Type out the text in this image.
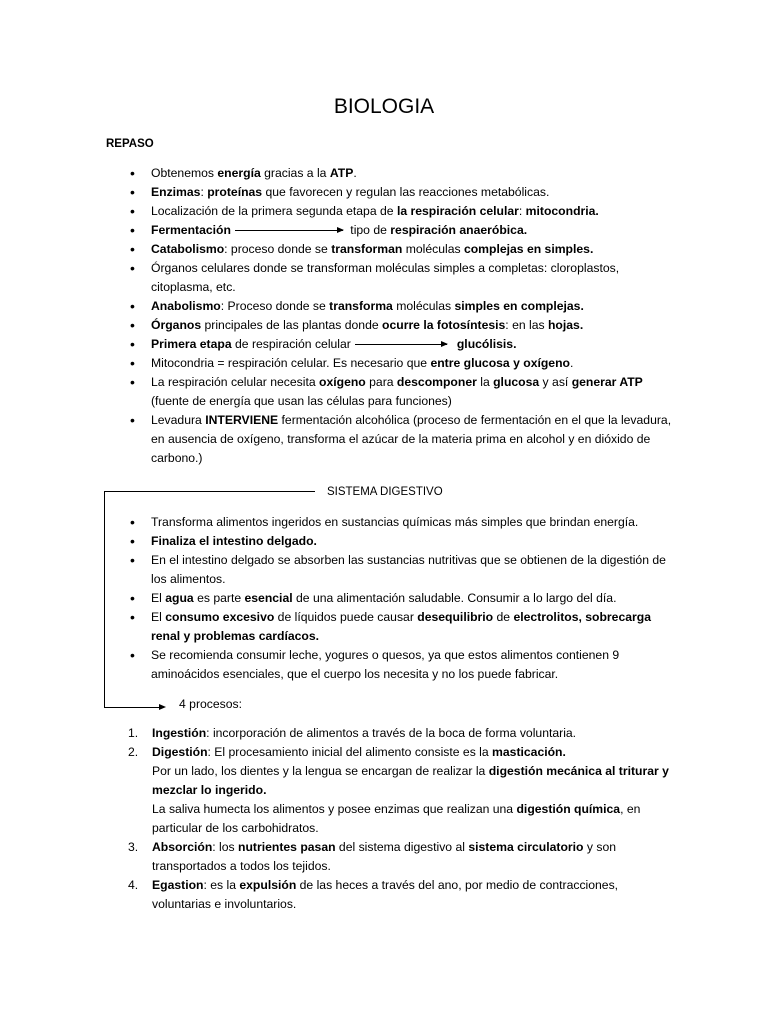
BIOLOGIA
REPASO
• Obtenemos energía gracias a la ATP.
• Enzimas: proteínas que favorecen y regulan las reacciones metabólicas.
• Localización de la primera segunda etapa de la respiración celular: mitocondria.
• Fermentación	tipo de respiración anaeróbica.
• Catabolismo: proceso donde se transforman moléculas complejas en simples.
• Órganos celulares donde se transforman moléculas simples a completas: cloroplastos, citoplasma, etc.
• Anabolismo: Proceso donde se transforma moléculas simples en complejas.
• Órganos principales de las plantas donde ocurre la fotosíntesis: en las hojas.
• Primera etapa de respiración celular	glucólisis.
• Mitocondria = respiración celular. Es necesario que entre glucosa y oxígeno.
• La respiración celular necesita oxígeno para descomponer la glucosa y así generar ATP (fuente de energía que usan las células para funciones)
• Levadura INTERVIENE fermentación alcohólica (proceso de fermentación en el que la levadura, en ausencia de oxígeno, transforma el azúcar de la materia prima en alcohol y en dióxido de carbono.)
SISTEMA DIGESTIVO
• Transforma alimentos ingeridos en sustancias químicas más simples que brindan energía.
• Finaliza el intestino delgado.
• En el intestino delgado se absorben las sustancias nutritivas que se obtienen de la digestión de los alimentos.
• El agua es parte esencial de una alimentación saludable. Consumir a lo largo del día.
• El consumo excesivo de líquidos puede causar desequilibrio de electrolitos, sobrecarga renal y problemas cardíacos.
• Se recomienda consumir leche, yogures o quesos, ya que estos alimentos contienen 9 aminoácidos esenciales, que el cuerpo los necesita y no los puede fabricar.
4 procesos:
1. Ingestión: incorporación de alimentos a través de la boca de forma voluntaria.
2. Digestión: El procesamiento inicial del alimento consiste es la masticación.
Por un lado, los dientes y la lengua se encargan de realizar la digestión mecánica al triturar y mezclar lo ingerido.
La saliva humecta los alimentos y posee enzimas que realizan una digestión química, en particular de los carbohidratos.
3. Absorción: los nutrientes pasan del sistema digestivo al sistema circulatorio y son transportados a todos los tejidos.
4. Egastion: es la expulsión de las heces a través del ano, por medio de contracciones, voluntarias e involuntarios.
